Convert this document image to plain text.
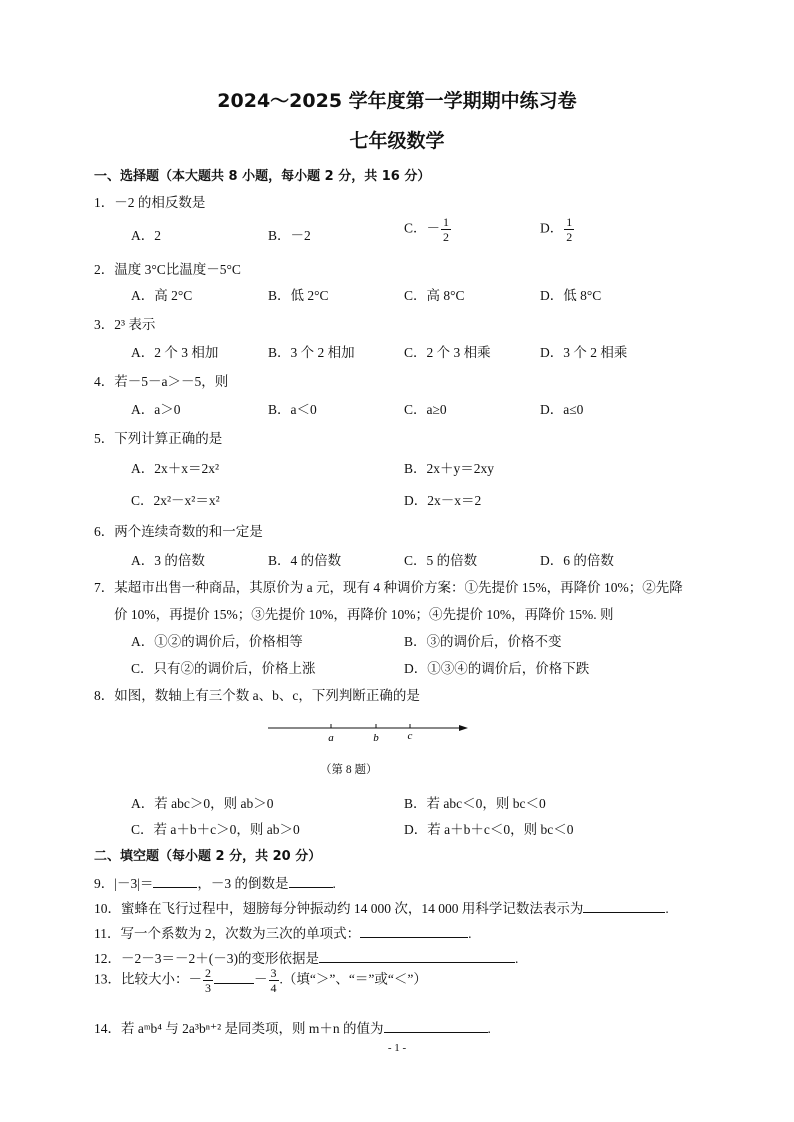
2024～2025 学年度第一学期期中练习卷
七年级数学
一、选择题（本大题共 8 小题，每小题 2 分，共 16 分）
1．－2 的相反数是
A．2	B．－2	C．－ $\frac{1}{2}$	D． $\frac{1}{2}$
2．温度 3°C比温度－5°C
A．高 2°C	B．低 2°C	C．高 8°C	D．低 8°C
3．2³ 表示
A．2 个 3 相加	B．3 个 2 相加	C．2 个 3 相乘	D．3 个 2 相乘
4．若－5－a＞－5，则
A．a＞0	B．a＜0	C．a≥0	D．a≤0
5．下列计算正确的是
A．2x＋x＝2x²	B．2x＋y＝2xy
C．2x²－x²＝x²	D．2x－x＝2
6．两个连续奇数的和一定是
A．3 的倍数	B．4 的倍数	C．5 的倍数	D．6 的倍数
7．某超市出售一种商品，其原价为 a 元，现有 4 种调价方案：①先提价 15%，再降价 10%；②先降
价 10%，再提价 15%；③先提价 10%，再降价 10%；④先提价 10%，再降价 15%. 则
A．①②的调价后，价格相等	B．③的调价后，价格不变
C．只有②的调价后，价格上涨	D．①③④的调价后，价格下跌
8．如图，数轴上有三个数 a、b、c，下列判断正确的是
a	b	c
（第 8 题）
A．若 abc＞0，则 ab＞0	B．若 abc＜0，则 bc＜0
C．若 a＋b＋c＞0，则 ab＞0	D．若 a＋b＋c＜0，则 bc＜0
二、填空题（每小题 2 分，共 20 分）
9．|－3|＝	，－3 的倒数是	.
10．蜜蜂在飞行过程中，翅膀每分钟振动约 14 000 次，14 000 用科学记数法表示为	.
11．写一个系数为 2，次数为三次的单项式：	.
12．－2－3＝－2＋(－3)的变形依据是	.
13．比较大小：－ $\frac{2}{3}$	－ $\frac{3}{4}$ .（填“＞”、“＝”或“＜”）
14．若 aᵐb⁴ 与 2a³bⁿ⁺² 是同类项，则 m＋n 的值为	.
- 1 -
